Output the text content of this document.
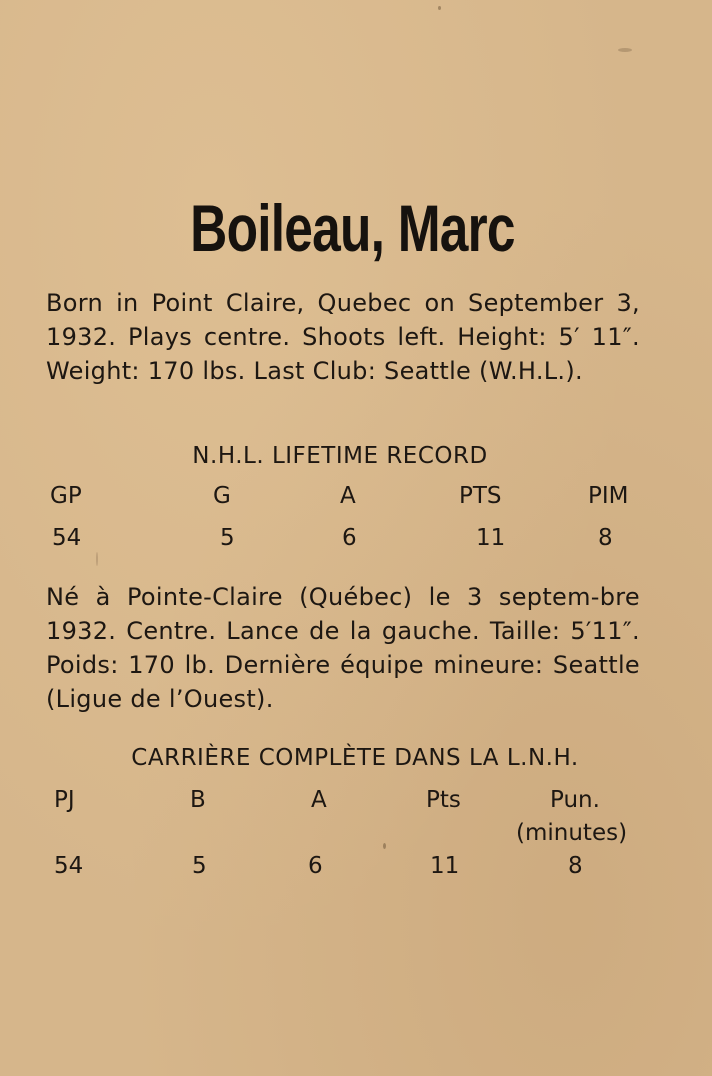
Boileau, Marc
Born in Point Claire, Quebec on September 3, 1932. Plays centre. Shoots left. Height: 5′ 11″. Weight: 170 lbs. Last Club: Seattle (W.H.L.).
N.H.L. LIFETIME RECORD
GP	G	A	PTS	PIM
54	5	6	11	8
Né à Pointe-Claire (Québec) le 3 septem-bre 1932. Centre. Lance de la gauche. Taille: 5′11″. Poids: 170 lb. Dernière équipe mineure: Seattle (Ligue de l’Ouest).
CARRIÈRE COMPLÈTE DANS LA L.N.H.
PJ	B	A	Pts	Pun.
(minutes)
54	5	6	11	8
